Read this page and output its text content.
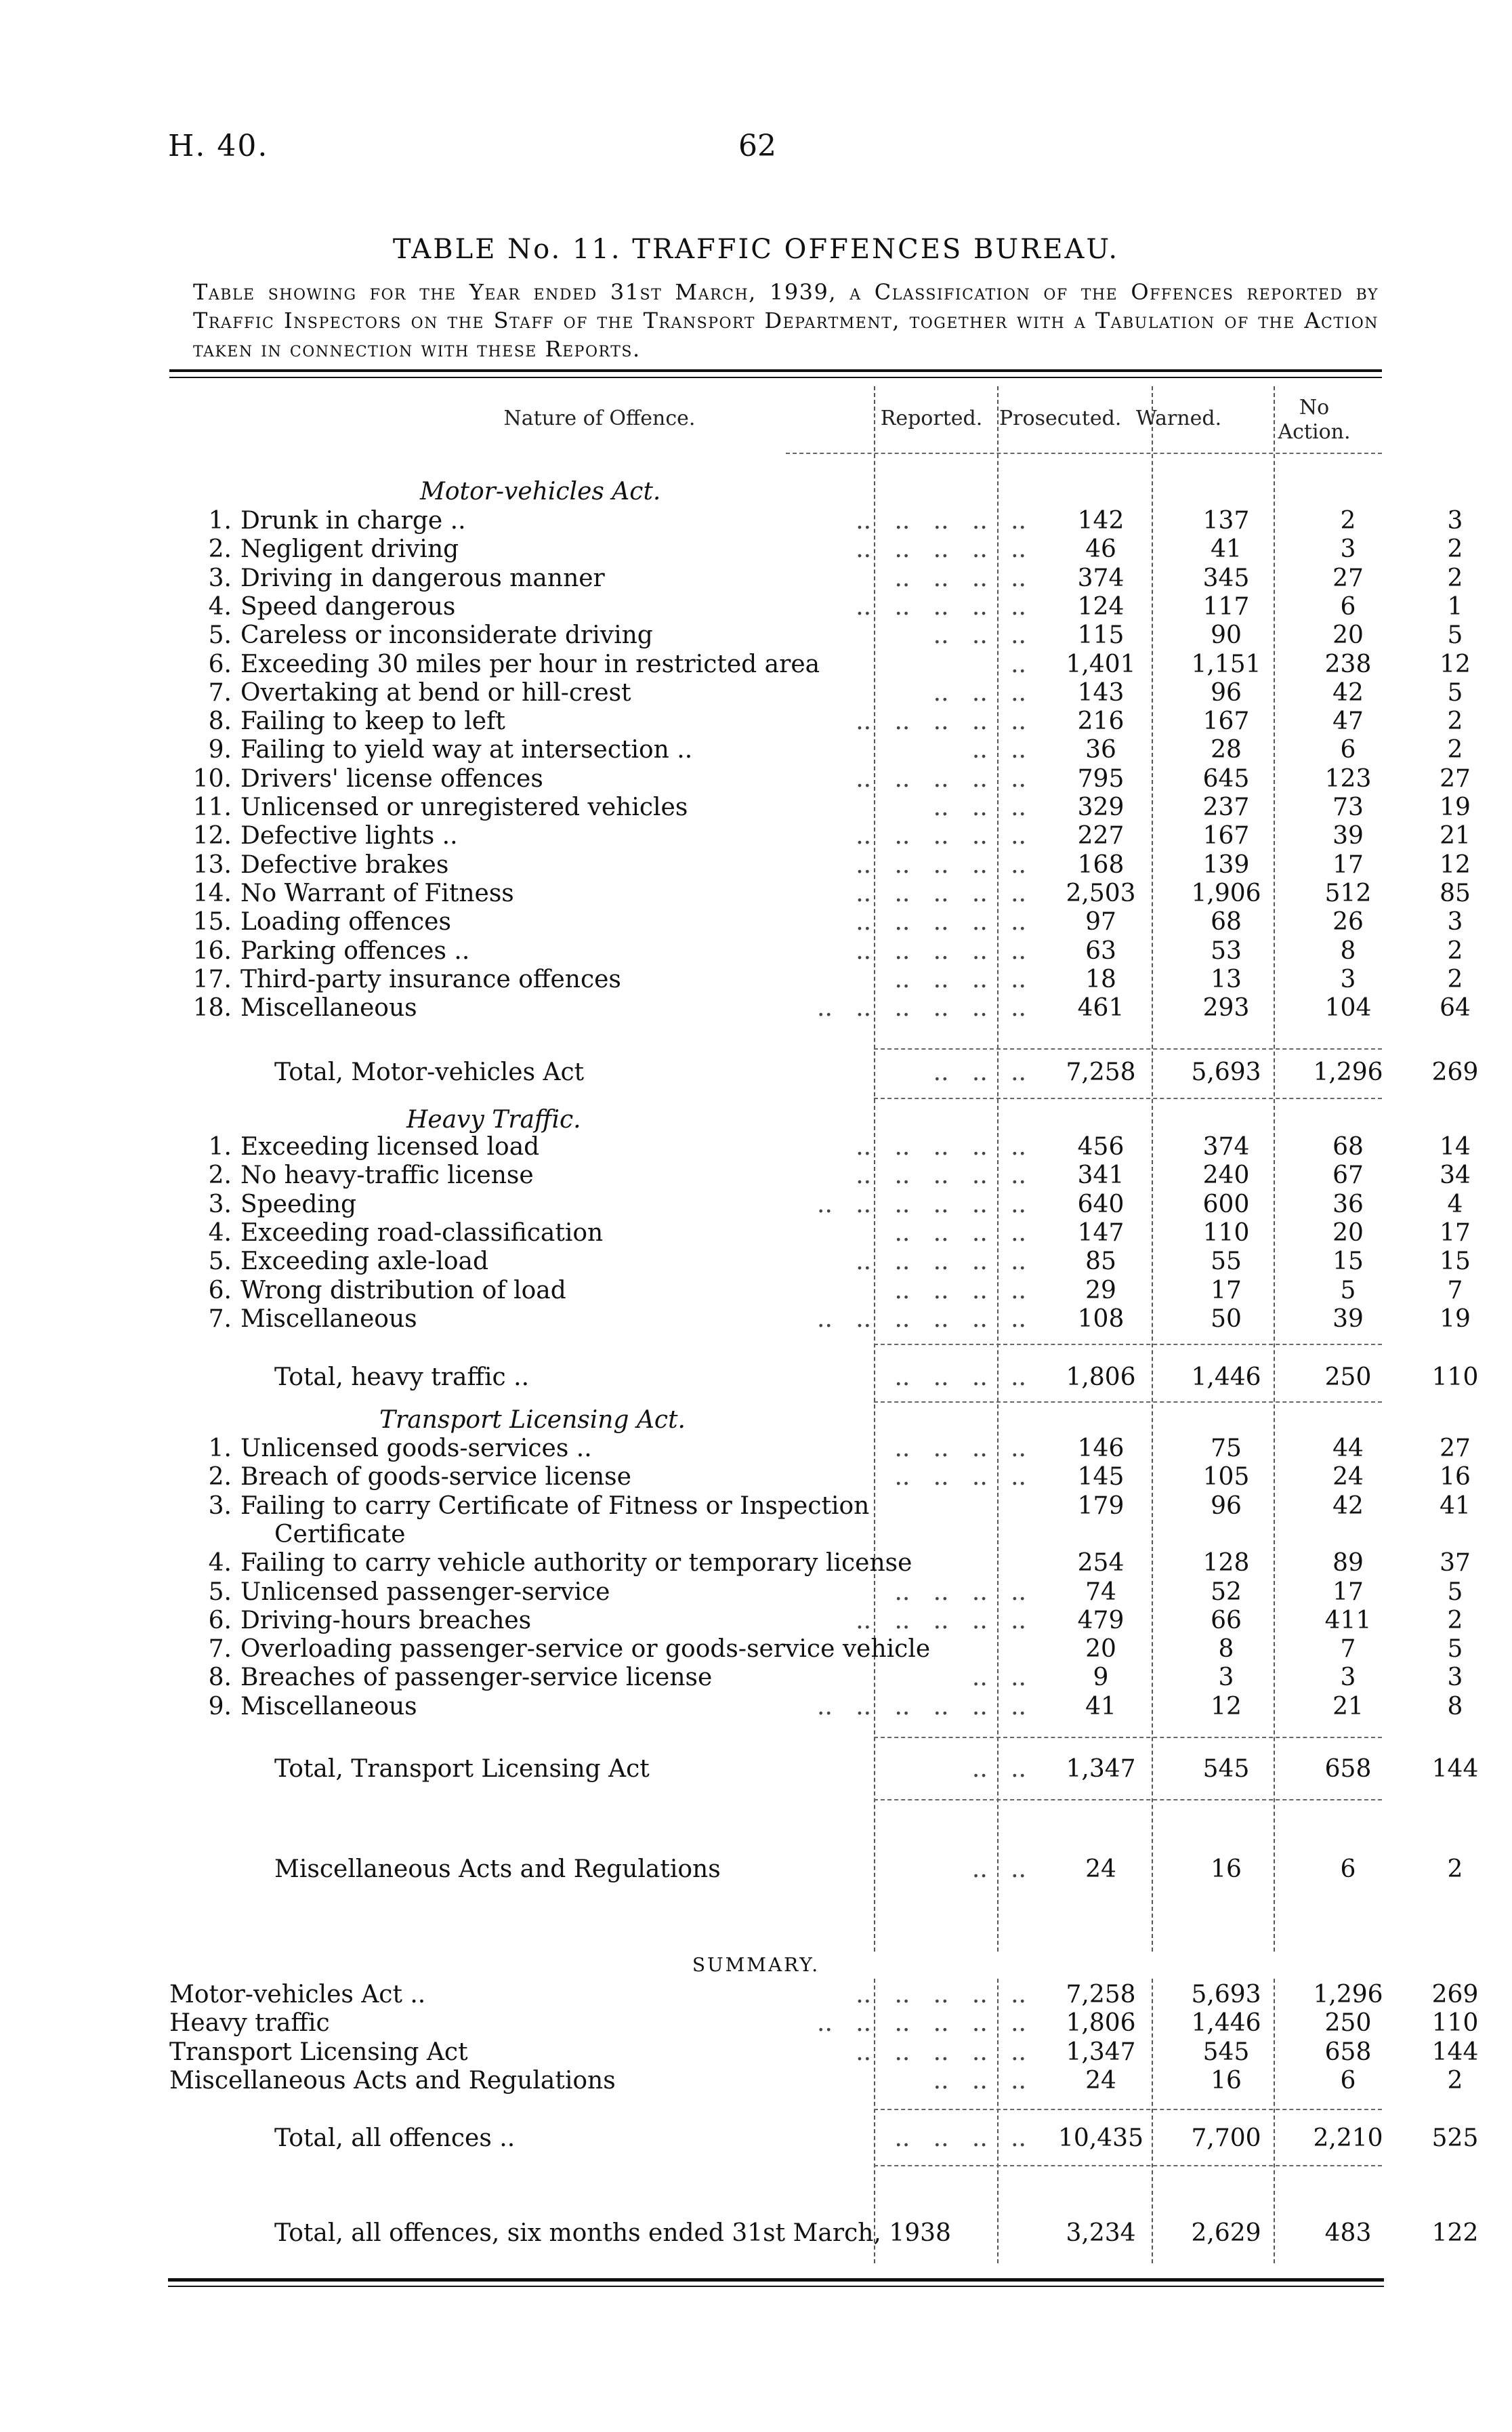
H. 40.	62
TABLE No. 11. TRAFFIC OFFENCES BUREAU.
Table showing for the Year ended 31st March, 1939, a Classification of the Offences reported by Traffic Inspectors on the Staff of the Transport Department, together with a Tabulation of the Action taken in connection with these Reports.
Nature of Offence.	Reported. Prosecuted. Warned.	No Action.
Motor-vehicles Act.
1. Drunk in charge ..	..   ..   ..   ..   ..	142	137	2	3
2. Negligent driving	..   ..   ..   ..   ..	46	41	3	2
3. Driving in dangerous manner	..   ..   ..   ..	374	345	27	2
4. Speed dangerous	..   ..   ..   ..   ..	124	117	6	1
5. Careless or inconsiderate driving	..   ..   ..	115	90	20	5
6. Exceeding 30 miles per hour in restricted area	..	1,401	1,151	238	12
7. Overtaking at bend or hill-crest	..   ..   ..	143	96	42	5
8. Failing to keep to left	..   ..   ..   ..   ..	216	167	47	2
9. Failing to yield way at intersection ..	..   ..	36	28	6	2
10. Drivers' license offences	..   ..   ..   ..   ..	795	645	123	27
11. Unlicensed or unregistered vehicles	..   ..   ..	329	237	73	19
12. Defective lights ..	..   ..   ..   ..   ..	227	167	39	21
13. Defective brakes	..   ..   ..   ..   ..	168	139	17	12
14. No Warrant of Fitness	..   ..   ..   ..   ..	2,503	1,906	512	85
15. Loading offences	..   ..   ..   ..   ..	97	68	26	3
16. Parking offences ..	..   ..   ..   ..   ..	63	53	8	2
17. Third-party insurance offences	..   ..   ..   ..	18	13	3	2
18. Miscellaneous	..   ..   ..   ..   ..   ..	461	293	104	64
Total, Motor-vehicles Act	..   ..   ..	7,258	5,693	1,296	269
Heavy Traffic.
1. Exceeding licensed load	..   ..   ..   ..   ..	456	374	68	14
2. No heavy-traffic license	..   ..   ..   ..   ..	341	240	67	34
3. Speeding	..   ..   ..   ..   ..   ..	640	600	36	4
4. Exceeding road-classification	..   ..   ..   ..	147	110	20	17
5. Exceeding axle-load	..   ..   ..   ..   ..	85	55	15	15
6. Wrong distribution of load	..   ..   ..   ..	29	17	5	7
7. Miscellaneous	..   ..   ..   ..   ..   ..	108	50	39	19
Total, heavy traffic ..	..   ..   ..   ..	1,806	1,446	250	110
Transport Licensing Act.
1. Unlicensed goods-services ..	..   ..   ..   ..	146	75	44	27
2. Breach of goods-service license	..   ..   ..   ..	145	105	24	16
3. Failing to carry Certificate of Fitness or Inspection	179	96	42	41
Certificate
4. Failing to carry vehicle authority or temporary license	254	128	89	37
5. Unlicensed passenger-service	..   ..   ..   ..	74	52	17	5
6. Driving-hours breaches	..   ..   ..   ..   ..	479	66	411	2
7. Overloading passenger-service or goods-service vehicle	20	8	7	5
8. Breaches of passenger-service license	..   ..	9	3	3	3
9. Miscellaneous	..   ..   ..   ..   ..   ..	41	12	21	8
Total, Transport Licensing Act	..   ..	1,347	545	658	144
Miscellaneous Acts and Regulations	..   ..	24	16	6	2
SUMMARY.
Motor-vehicles Act ..	..   ..   ..   ..   ..	7,258	5,693	1,296	269
Heavy traffic	..   ..   ..   ..   ..   ..	1,806	1,446	250	110
Transport Licensing Act	..   ..   ..   ..   ..	1,347	545	658	144
Miscellaneous Acts and Regulations	..   ..   ..	24	16	6	2
Total, all offences ..	..   ..   ..   ..	10,435	7,700	2,210	525
Total, all offences, six months ended 31st March, 1938	3,234	2,629	483	122
